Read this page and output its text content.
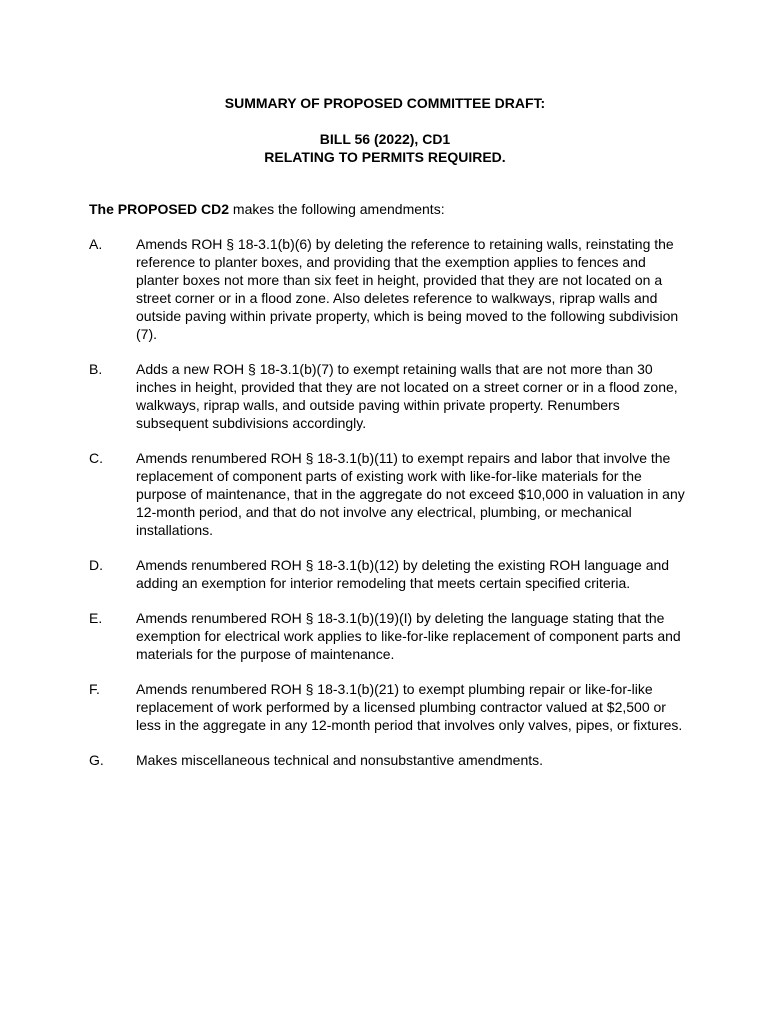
SUMMARY OF PROPOSED COMMITTEE DRAFT:

BILL 56 (2022), CD1

RELATING TO PERMITS REQUIRED.

The PROPOSED CD2 makes the following amendments:

A. Amends ROH § 18-3.1(b)(6) by deleting the reference to retaining walls, reinstating the reference to planter boxes, and providing that the exemption applies to fences and planter boxes not more than six feet in height, provided that they are not located on a street corner or in a flood zone. Also deletes reference to walkways, riprap walls and outside paving within private property, which is being moved to the following subdivision (7).
B. Adds a new ROH § 18-3.1(b)(7) to exempt retaining walls that are not more than 30 inches in height, provided that they are not located on a street corner or in a flood zone, walkways, riprap walls, and outside paving within private property. Renumbers subsequent subdivisions accordingly.
C. Amends renumbered ROH § 18-3.1(b)(11) to exempt repairs and labor that involve the replacement of component parts of existing work with like-for-like materials for the purpose of maintenance, that in the aggregate do not exceed $10,000 in valuation in any 12-month period, and that do not involve any electrical, plumbing, or mechanical installations.
D. Amends renumbered ROH § 18-3.1(b)(12) by deleting the existing ROH language and adding an exemption for interior remodeling that meets certain specified criteria.
E. Amends renumbered ROH § 18-3.1(b)(19)(I) by deleting the language stating that the exemption for electrical work applies to like-for-like replacement of component parts and materials for the purpose of maintenance.
F.	Amends renumbered ROH § 18-3.1(b)(21) to exempt plumbing repair or like-for-like replacement of work performed by a licensed plumbing contractor valued at $2,500 or less in the aggregate in any 12-month period that involves only valves, pipes, or fixtures.
G. Makes miscellaneous technical and nonsubstantive amendments.
